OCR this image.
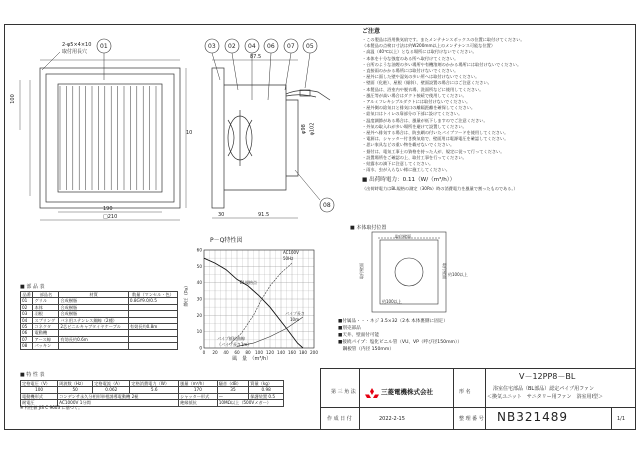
2-φ5×4×10
取付用長穴
01	03 02 04 06 07 05
08
190
□210
100
30	91.5
87.5
10	φ98 φ102
ご注意

・この製品は浴用換気扇です。またメンテナンスボックスの位置に取付けてください。

（本製品の点検口寸法は約W200mm以上のメンテナンス可能な位置）

・高温（40℃以上）となる場所には取付けないでください。

・本体を十分な強度のある所へ取付けてください。

・台所のような油煙の多い場所や有機溶剤のかかる場所には取付けないでください。

・直接雨のかかる場所には取付けないでください。

・屋外に面した壁や湿気の多い所へは取付けないでください。

・壁面（化粧）、屋根（傾斜）、壁面設置の場合にはご注意ください。

・本製品は、浴室内や脱衣場、洗面所などに使用してください。

・風圧等が高い場合はダクト接続で使用してください。

・アルミフレキシブルダクトには取付けないでください。

・屋外側の給気口と排気口の離隔距離を確保してください。

・給気口はトイレの扉部分の下部に設けてください。

・温度調節がある場合は、風量が低下しますのでご注意ください。

・外気の取入れが多い場所を避けて設置してください。

・屋外へ排気する場合は、防虫網の付いたパイプフードを使用してください。

・電源は、シャッター付き換気扇で、壁面用は電源電圧を確認してください。

・思い家具などの重い物を載せないでください。

・据付は、電気工事士の資格を持った人が、規定に従って行ってください。

・設置場所をご確認の上、取付工事を行ってください。

・結露水の滴下に注意してください。

・雨水、虫が入らない様に施工してください。

■ 出荷時電力：0.11（W/（m³/h））
（出荷時電力はBL規格の測定（30Pa）時の消費電力を風量で割ったものである。）
■ 本体取付位置
取付壁面
取付壁面	取付壁面
約100以上
約100以上
P－Q特性図
0 20 40 60 80 100 120 140 160 180 200
0
10
20
30
40
50
60	AC100V
50Hz
BL規格点
パイプ長さ
10m
パイプ抵抗曲線
（パイプ長さ1m）
風　量　（m³/h）
静圧（Pa）
■ 部 品 表
品番	部品名	材質	数量（マンセル・色）
01	グリル	合成樹脂	0.8GY9.0/0.5
02	本体	合成樹脂	
03	羽根	合成樹脂	
04	スプリング	バネ用ステンレス鋼線（2種）	
05	コネクタ	2芯ビニルキャブタイヤケーブル	有効長約0.8m
06	電動機		
07	アース線	有効長約0.6m	
08	パッキン		
■ 特 性 表
定格電圧（V）	周波数（Hz）	定格電流（A）	定格消費電力（W）	風量（m³/h）	騒音（dB）	質量（kg）
100	50	0.062	5.6	170	35	0.98
電動機形式	コンデンサ永久分相形単相誘導電動機 2極			シャッター形式	—	保護装置 0.5
耐電圧	AC1000V 1分間			絶縁抵抗	10MΩ以上（500Vメガー）	
※ 特性値 JIS C 9603 に基づく。
■付属品・・・ネジ 3.5×32（2本 本体裏側に固定）
■別売部品
■天井、壁面付可能
■接続パイプ：塩化ビニル管（VU、VP（呼び径150mm））
　鋼板管（内径 150mm）
第 三 角 法	三菱電機株式会社	形 名
V－12PP8－BL
浴室住宅部品（BL部品）認定パイプ用ファン
＜換気ユニット　サニタリー用ファン　浴室用Ⅰ型＞
作 成 日 付	2022-2-15	整 理 番 号 NB321489	1/1
